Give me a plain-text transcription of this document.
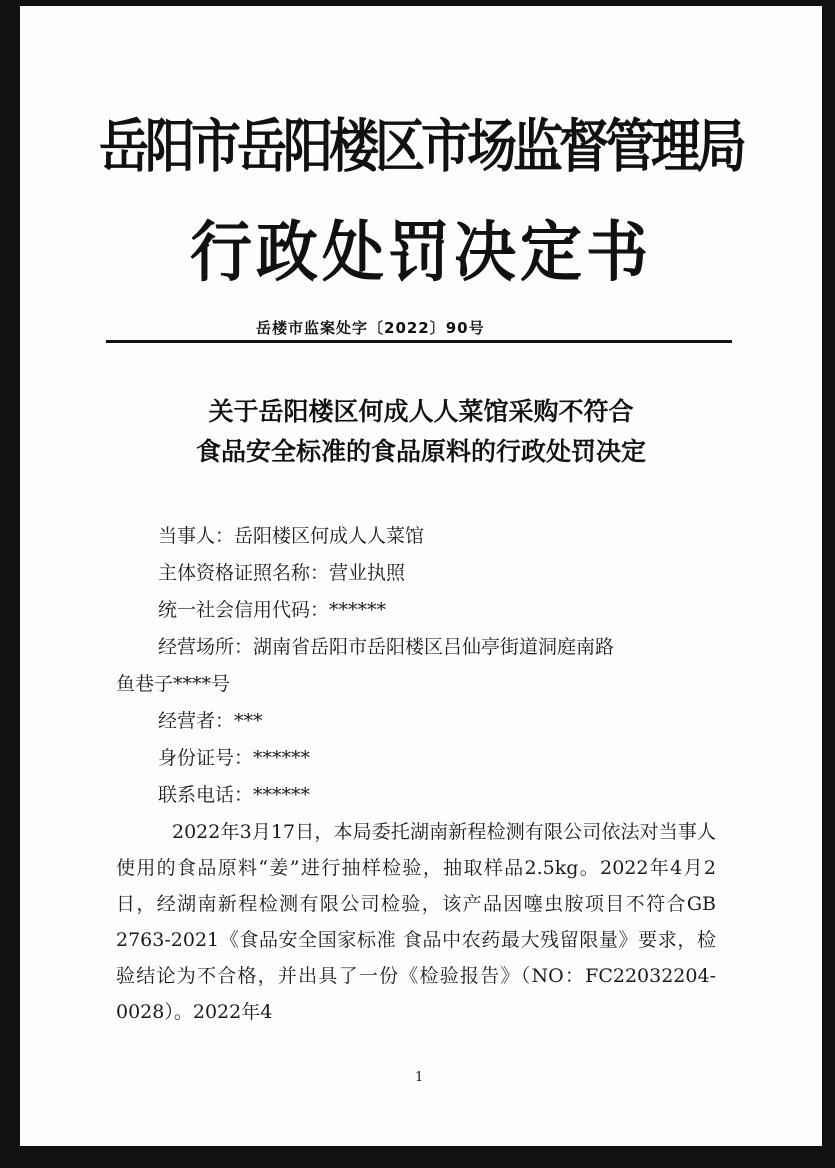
岳阳市岳阳楼区市场监督管理局
行政处罚决定书
岳楼市监案处字〔2022〕90号
关于岳阳楼区何成人人菜馆采购不符合
食品安全标准的食品原料的行政处罚决定
当事人：岳阳楼区何成人人菜馆
主体资格证照名称：营业执照
统一社会信用代码：******
经营场所：湖南省岳阳市岳阳楼区吕仙亭街道洞庭南路
鱼巷子****号
经营者：***
身份证号：******
联系电话：******
2022年3月17日，本局委托湖南新程检测有限公司依法对当事人使用的食品原料“姜”进行抽样检验，抽取样品2.5kg。2022年4月2日，经湖南新程检测有限公司检验，该产品因噻虫胺项目不符合GB 2763-2021《食品安全国家标准 食品中农药最大残留限量》要求，检验结论为不合格，并出具了一份《检验报告》（NO：FC22032204-0028）。2022年4
1
